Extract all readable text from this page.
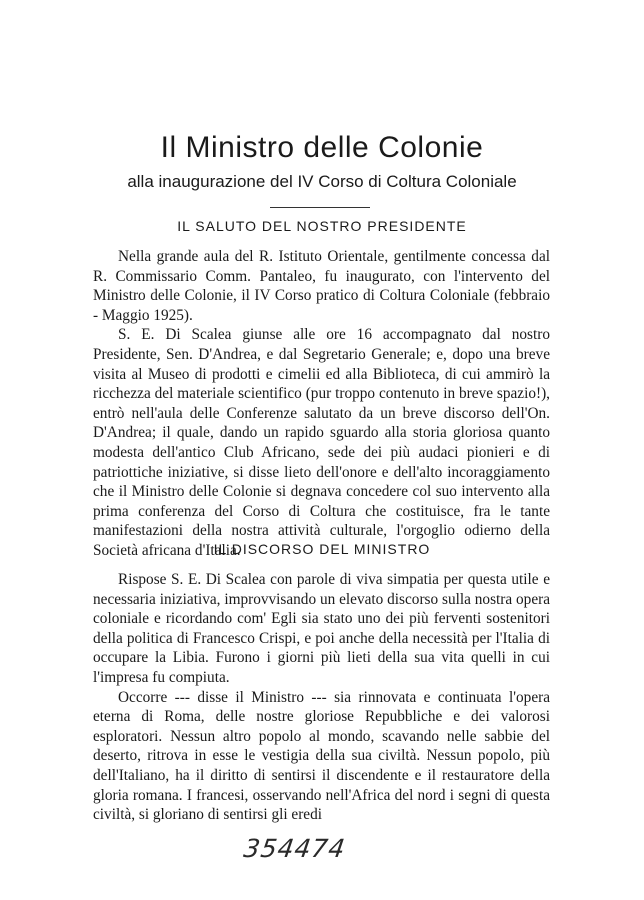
Il Ministro delle Colonie
alla inaugurazione del IV Corso di Coltura Coloniale
IL SALUTO DEL NOSTRO PRESIDENTE

Nella grande aula del R. Istituto Orientale, gentilmente concessa dal R. Commissario Comm. Pantaleo, fu inaugurato, con l'intervento del Ministro delle Colonie, il IV Corso pratico di Coltura Coloniale (febbraio - Maggio 1925).

S. E. Di Scalea giunse alle ore 16 accompagnato dal nostro Presidente, Sen. D'Andrea, e dal Segretario Generale; e, dopo una breve visita al Museo di prodotti e cimelii ed alla Biblioteca, di cui ammirò la ricchezza del materiale scientifico (pur troppo contenuto in breve spazio!), entrò nell'aula delle Conferenze salutato da un breve discorso dell'On. D'Andrea; il quale, dando un rapido sguardo alla storia gloriosa quanto modesta dell'antico Club Africano, sede dei più audaci pionieri e di patriottiche iniziative, si disse lieto dell'onore e dell'alto incoraggiamento che il Ministro delle Colonie si degnava concedere col suo intervento alla prima conferenza del Corso di Coltura che costituisce, fra le tante manifestazioni della nostra attività culturale, l'orgoglio odierno della Società africana d'Italia.

IL DISCORSO DEL MINISTRO

Rispose S. E. Di Scalea con parole di viva simpatia per questa utile e necessaria iniziativa, improvvisando un elevato discorso sulla nostra opera coloniale e ricordando com' Egli sia stato uno dei più ferventi sostenitori della politica di Francesco Crispi, e poi anche della necessità per l'Italia di occupare la Libia. Furono i giorni più lieti della sua vita quelli in cui l'impresa fu compiuta.

Occorre --- disse il Ministro --- sia rinnovata e continuata l'opera eterna di Roma, delle nostre gloriose Repubbliche e dei valorosi esploratori. Nessun altro popolo al mondo, scavando nelle sabbie del deserto, ritrova in esse le vestigia della sua civiltà. Nessun popolo, più dell'Italiano, ha il diritto di sentirsi il discendente e il restauratore della gloria romana. I francesi, osservando nell'Africa del nord i segni di questa civiltà, si gloriano di sentirsi gli eredi

354474
